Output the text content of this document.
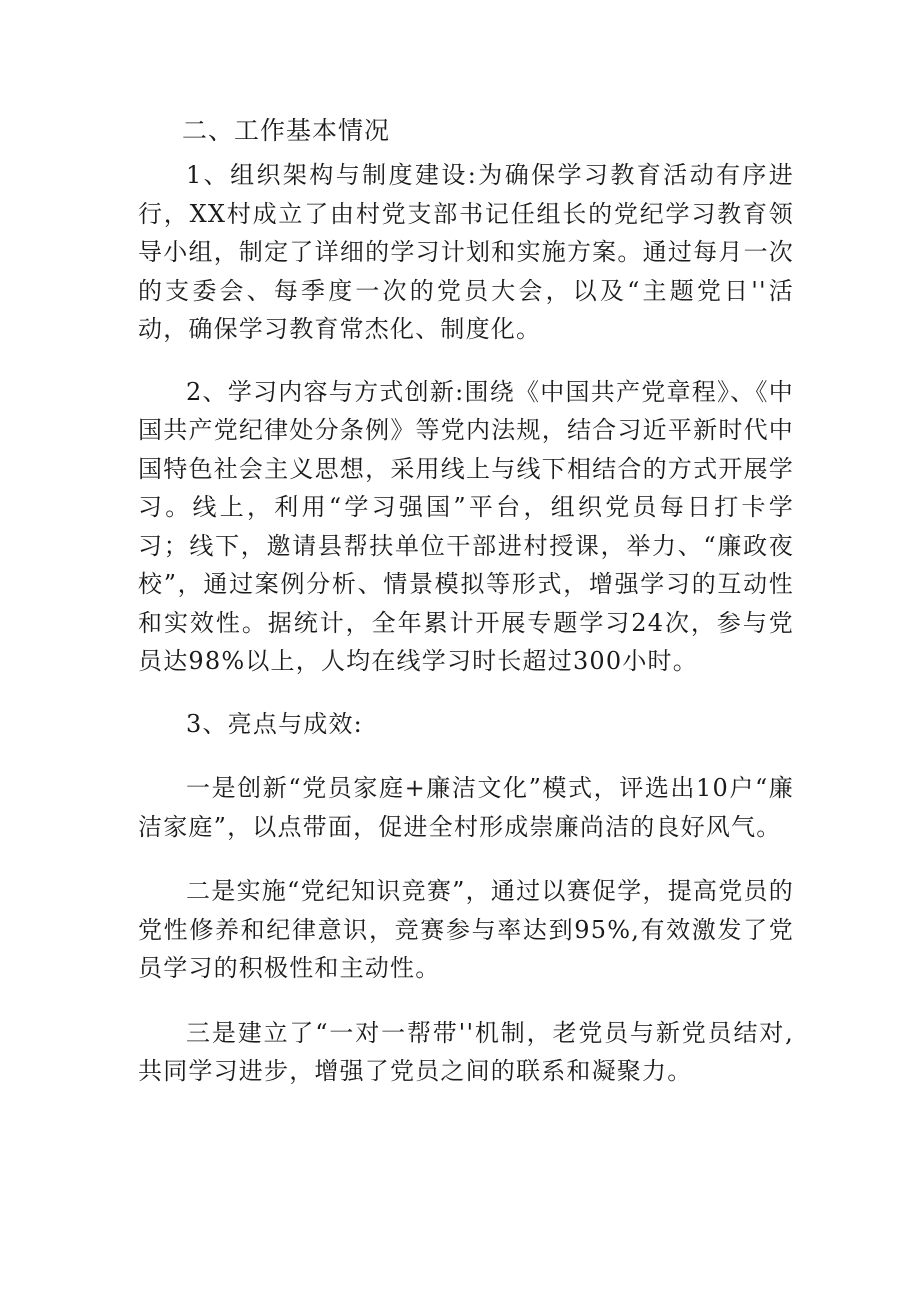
二、工作基本情况

1、组织架构与制度建设:为确保学习教育活动有序进行，XX村成立了由村党支部书记任组长的党纪学习教育领导小组，制定了详细的学习计划和实施方案。通过每月一次的支委会、每季度一次的党员大会，以及“主题党日''活动，确保学习教育常杰化、制度化。

2、学习内容与方式创新:围绕《中国共产党章程》、《中国共产党纪律处分条例》等党内法规，结合习近平新时代中国特色社会主义思想，采用线上与线下相结合的方式开展学习。线上，利用“学习强国”平台，组织党员每日打卡学习；线下，邀请县帮扶单位干部进村授课，举力、“廉政夜校”，通过案例分析、情景模拟等形式，增强学习的互动性和实效性。据统计，全年累计开展专题学习24次，参与党员达98%以上，人均在线学习时长超过300小时。

3、亮点与成效:

一是创新“党员家庭+廉洁文化”模式，评选出10户“廉洁家庭”，以点带面，促进全村形成崇廉尚洁的良好风气。

二是实施“党纪知识竞赛”，通过以赛促学，提高党员的党性修养和纪律意识，竞赛参与率达到95%,有效激发了党员学习的积极性和主动性。

三是建立了“一对一帮带''机制，老党员与新党员结对,共同学习进步，增强了党员之间的联系和凝聚力。
